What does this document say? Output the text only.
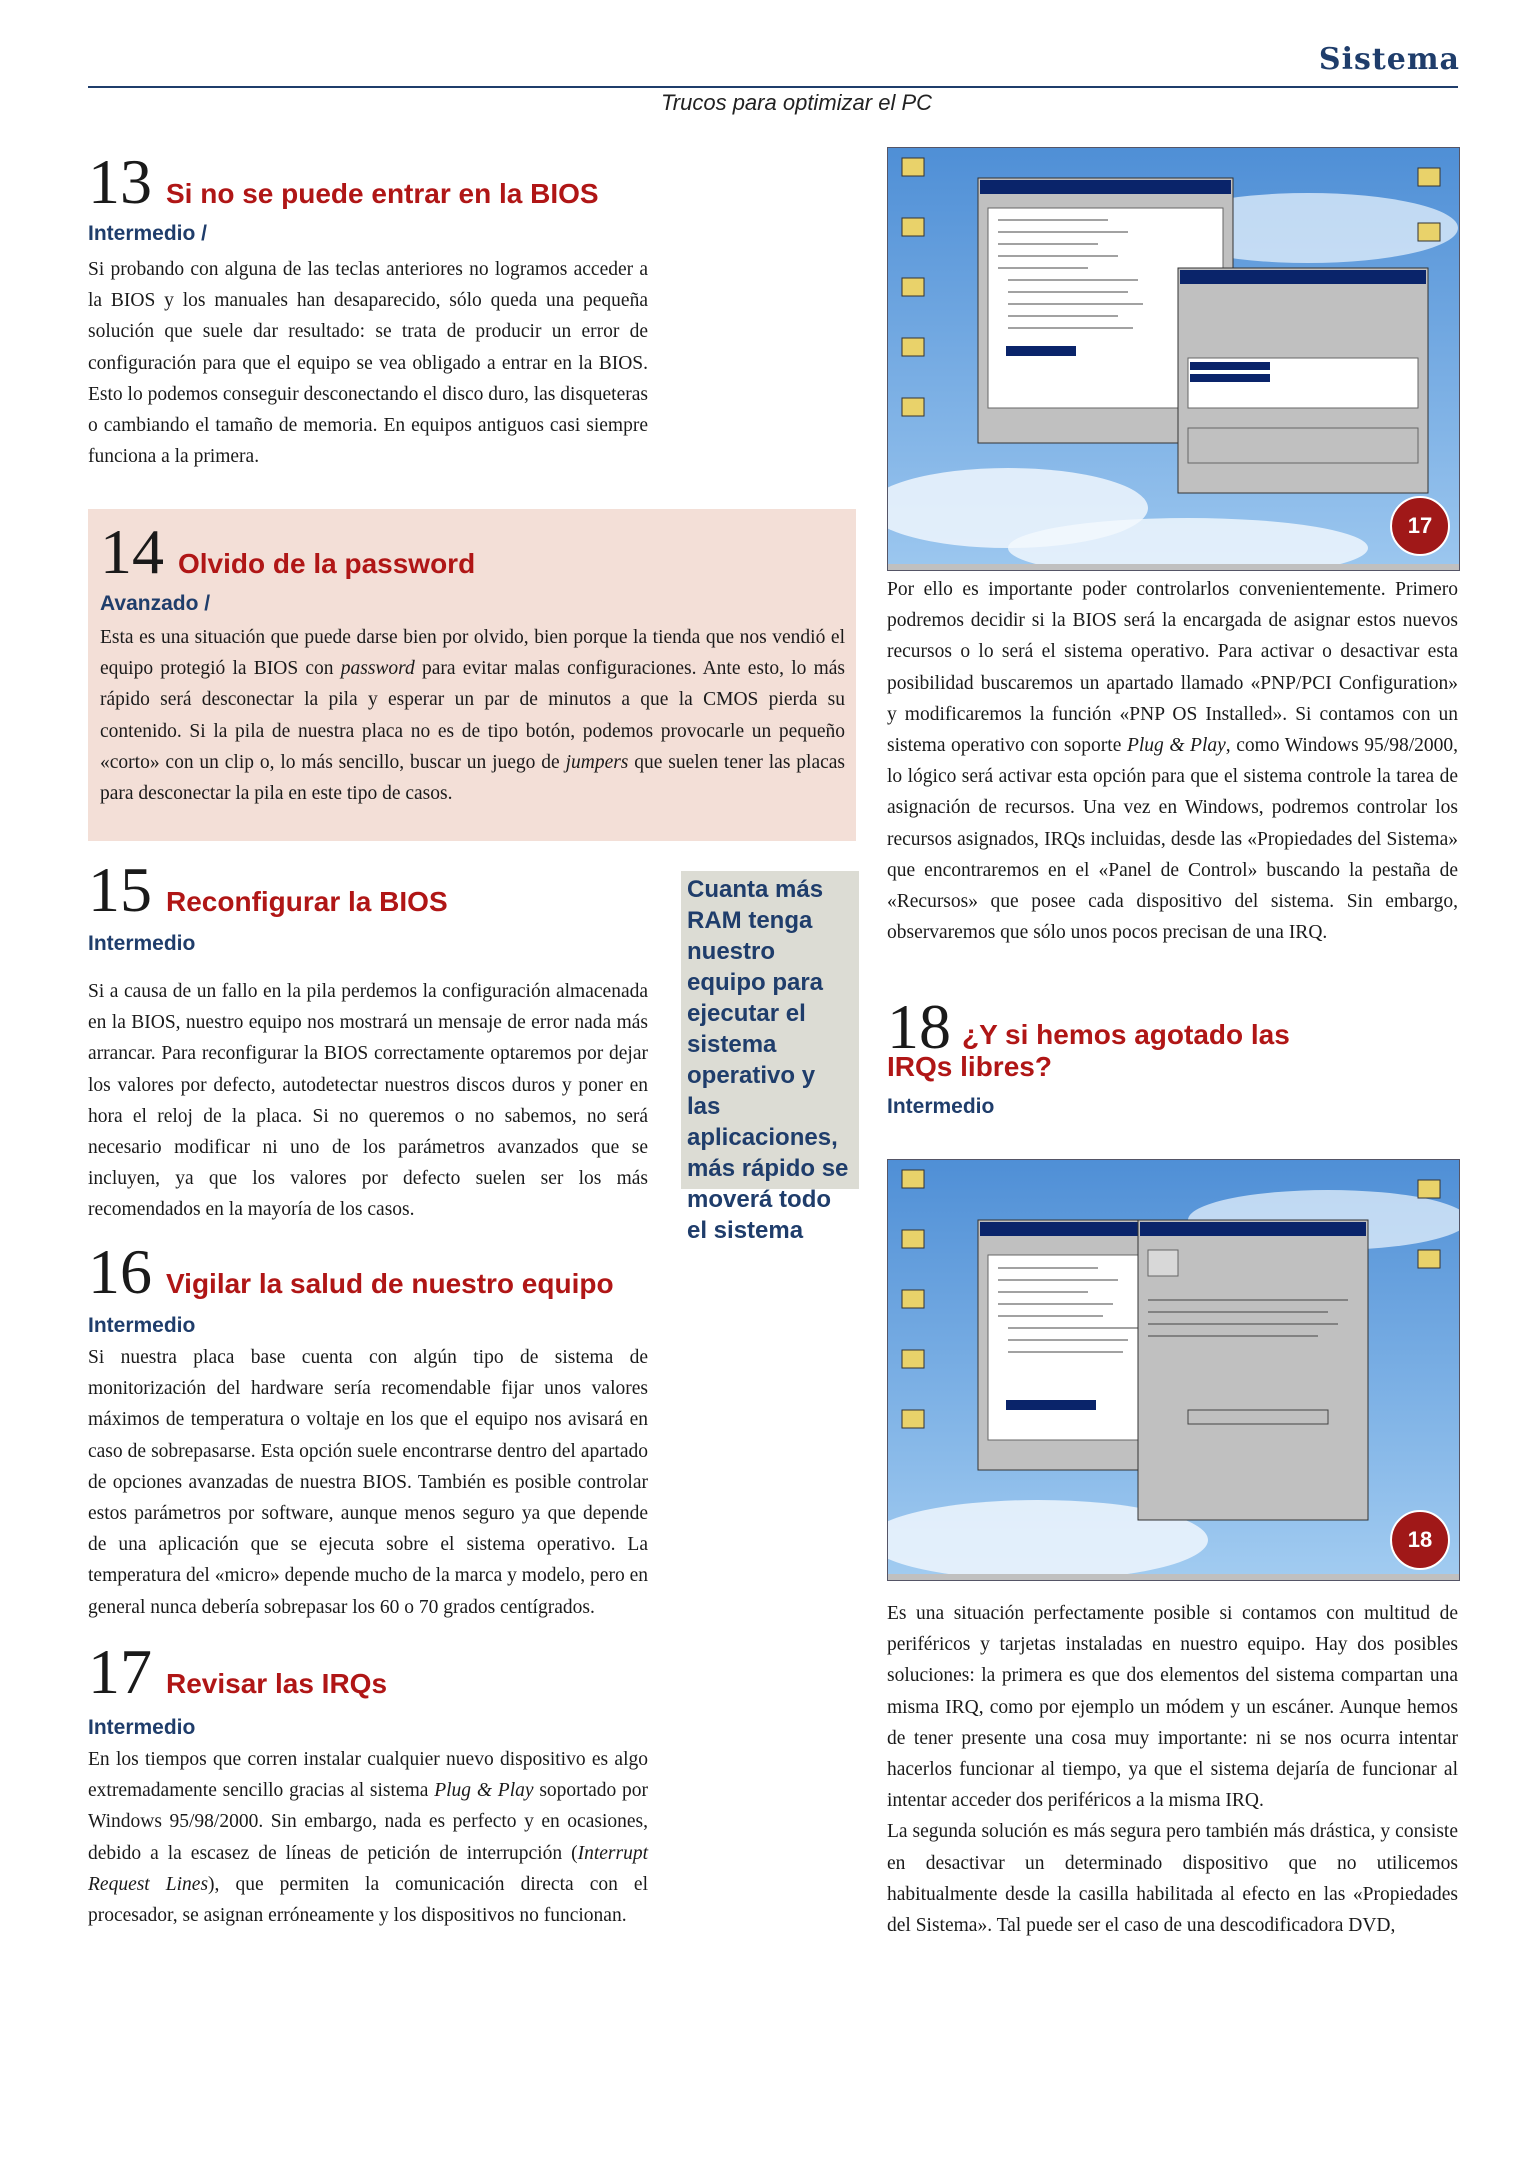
Sistema
Trucos para optimizar el PC
13 Si no se puede entrar en la BIOS
Intermedio /
Si probando con alguna de las teclas anteriores no logramos acceder a la BIOS y los manuales han desaparecido, sólo queda una pequeña solución que suele dar resultado: se trata de producir un error de configuración para que el equipo se vea obligado a entrar en la BIOS. Esto lo podemos conseguir desconectando el disco duro, las disqueteras o cambiando el tamaño de memoria. En equipos antiguos casi siempre funciona a la primera.
14 Olvido de la password
Avanzado /
Esta es una situación que puede darse bien por olvido, bien porque la tienda que nos vendió el equipo protegió la BIOS con password para evitar malas configuraciones. Ante esto, lo más rápido será desconectar la pila y esperar un par de minutos a que la CMOS pierda su contenido. Si la pila de nuestra placa no es de tipo botón, podemos provocarle un pequeño «corto» con un clip o, lo más sencillo, buscar un juego de jumpers que suelen tener las placas para desconectar la pila en este tipo de casos.
15 Reconfigurar la BIOS
Intermedio
Si a causa de un fallo en la pila perdemos la configuración almacenada en la BIOS, nuestro equipo nos mostrará un mensaje de error nada más arrancar. Para reconfigurar la BIOS correctamente optaremos por dejar los valores por defecto, autodetectar nuestros discos duros y poner en hora el reloj de la placa. Si no queremos o no sabemos, no será necesario modificar ni uno de los parámetros avanzados que se incluyen, ya que los valores por defecto suelen ser los más recomendados en la mayoría de los casos.
Cuanta más RAM tenga nuestro equipo para ejecutar el sistema operativo y las aplicaciones, más rápido se moverá todo el sistema
16 Vigilar la salud de nuestro equipo
Intermedio
Si nuestra placa base cuenta con algún tipo de sistema de monitorización del hardware sería recomendable fijar unos valores máximos de temperatura o voltaje en los que el equipo nos avisará en caso de sobrepasarse. Esta opción suele encontrarse dentro del apartado de opciones avanzadas de nuestra BIOS. También es posible controlar estos parámetros por software, aunque menos seguro ya que depende de una aplicación que se ejecuta sobre el sistema operativo. La temperatura del «micro» depende mucho de la marca y modelo, pero en general nunca debería sobrepasar los 60 o 70 grados centígrados.
17 Revisar las IRQs
Intermedio
En los tiempos que corren instalar cualquier nuevo dispositivo es algo extremadamente sencillo gracias al sistema Plug & Play soportado por Windows 95/98/2000. Sin embargo, nada es perfecto y en ocasiones, debido a la escasez de líneas de petición de interrupción (Interrupt Request Lines), que permiten la comunicación directa con el procesador, se asignan erróneamente y los dispositivos no funcionan.
17
Por ello es importante poder controlarlos convenientemente. Primero podremos decidir si la BIOS será la encargada de asignar estos nuevos recursos o lo será el sistema operativo. Para activar o desactivar esta posibilidad buscaremos un apartado llamado «PNP/PCI Configuration» y modificaremos la función «PNP OS Installed». Si contamos con un sistema operativo con soporte Plug & Play, como Windows 95/98/2000, lo lógico será activar esta opción para que el sistema controle la tarea de asignación de recursos. Una vez en Windows, podremos controlar los recursos asignados, IRQs incluidas, desde las «Propiedades del Sistema» que encontraremos en el «Panel de Control» buscando la pestaña de «Recursos» que posee cada dispositivo del sistema. Sin embargo, observaremos que sólo unos pocos precisan de una IRQ.
18 ¿Y si hemos agotado las IRQs libres?
Intermedio
18
Es una situación perfectamente posible si contamos con multitud de periféricos y tarjetas instaladas en nuestro equipo. Hay dos posibles soluciones: la primera es que dos elementos del sistema compartan una misma IRQ, como por ejemplo un módem y un escáner. Aunque hemos de tener presente una cosa muy importante: ni se nos ocurra intentar hacerlos funcionar al tiempo, ya que el sistema dejaría de funcionar al intentar acceder dos periféricos a la misma IRQ.
La segunda solución es más segura pero también más drástica, y consiste en desactivar un determinado dispositivo que no utilicemos habitualmente desde la casilla habilitada al efecto en las «Propiedades del Sistema». Tal puede ser el caso de una descodificadora DVD,
